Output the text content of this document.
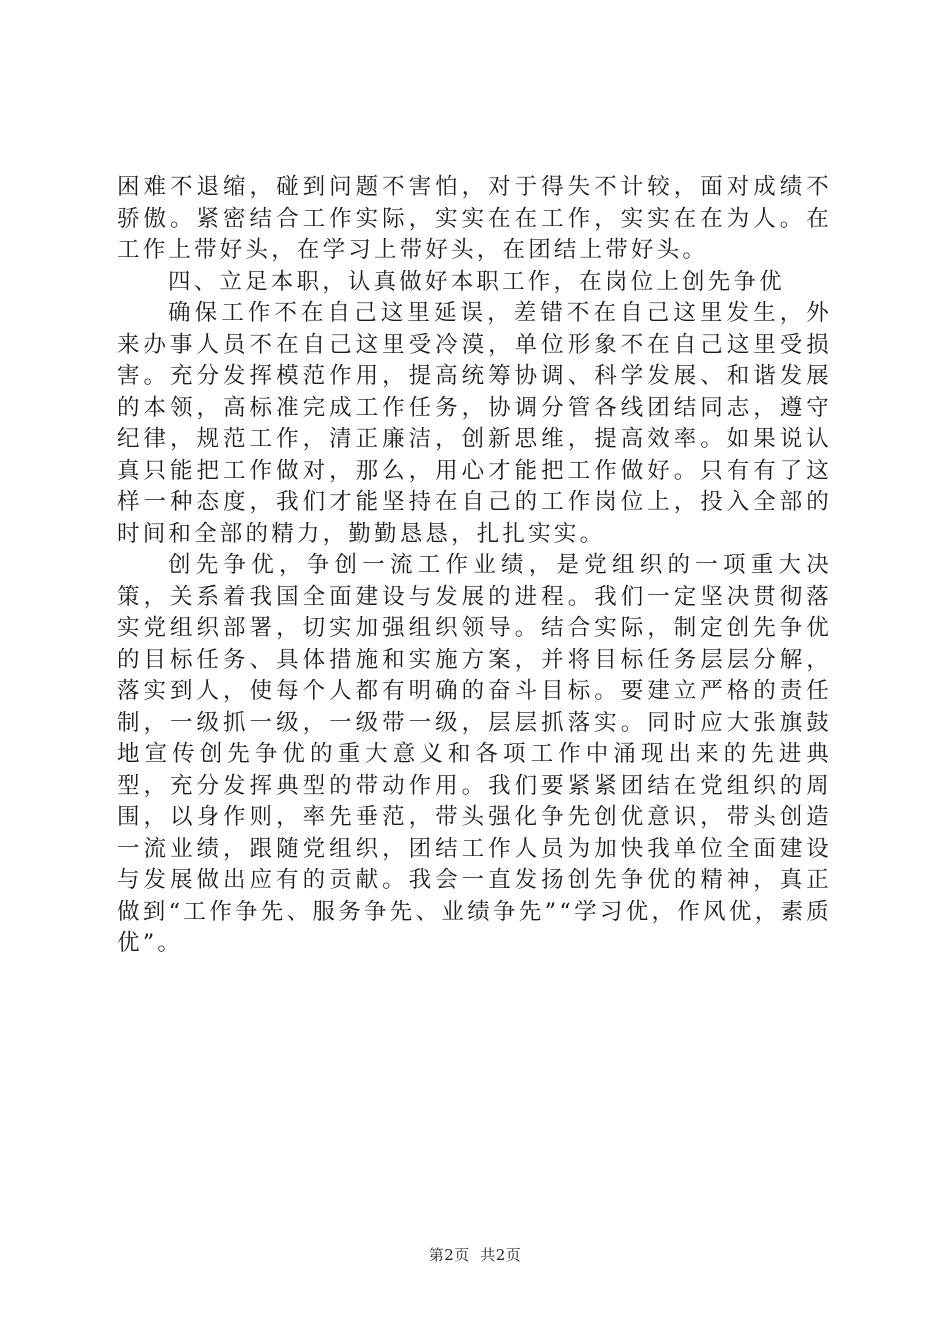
困难不退缩，碰到问题不害怕，对于得失不计较，面对成绩不骄傲。紧密结合工作实际，实实在在工作，实实在在为人。在工作上带好头，在学习上带好头，在团结上带好头。

四、立足本职，认真做好本职工作，在岗位上创先争优

确保工作不在自己这里延误，差错不在自己这里发生，外来办事人员不在自己这里受冷漠，单位形象不在自己这里受损害。充分发挥模范作用，提高统筹协调、科学发展、和谐发展的本领，高标准完成工作任务，协调分管各线团结同志，遵守纪律，规范工作，清正廉洁，创新思维，提高效率。如果说认真只能把工作做对，那么，用心才能把工作做好。只有有了这样一种态度，我们才能坚持在自己的工作岗位上，投入全部的时间和全部的精力，勤勤恳恳，扎扎实实。

创先争优，争创一流工作业绩，是党组织的一项重大决策，关系着我国全面建设与发展的进程。我们一定坚决贯彻落实党组织部署，切实加强组织领导。结合实际，制定创先争优的目标任务、具体措施和实施方案，并将目标任务层层分解，落实到人，使每个人都有明确的奋斗目标。要建立严格的责任制，一级抓一级，一级带一级，层层抓落实。同时应大张旗鼓地宣传创先争优的重大意义和各项工作中涌现出来的先进典型，充分发挥典型的带动作用。我们要紧紧团结在党组织的周围，以身作则，率先垂范，带头强化争先创优意识，带头创造一流业绩，跟随党组织，团结工作人员为加快我单位全面建设与发展做出应有的贡献。我会一直发扬创先争优的精神，真正做到“工作争先、服务争先、业绩争先”“学习优，作风优，素质优”。

第2页  共2页
